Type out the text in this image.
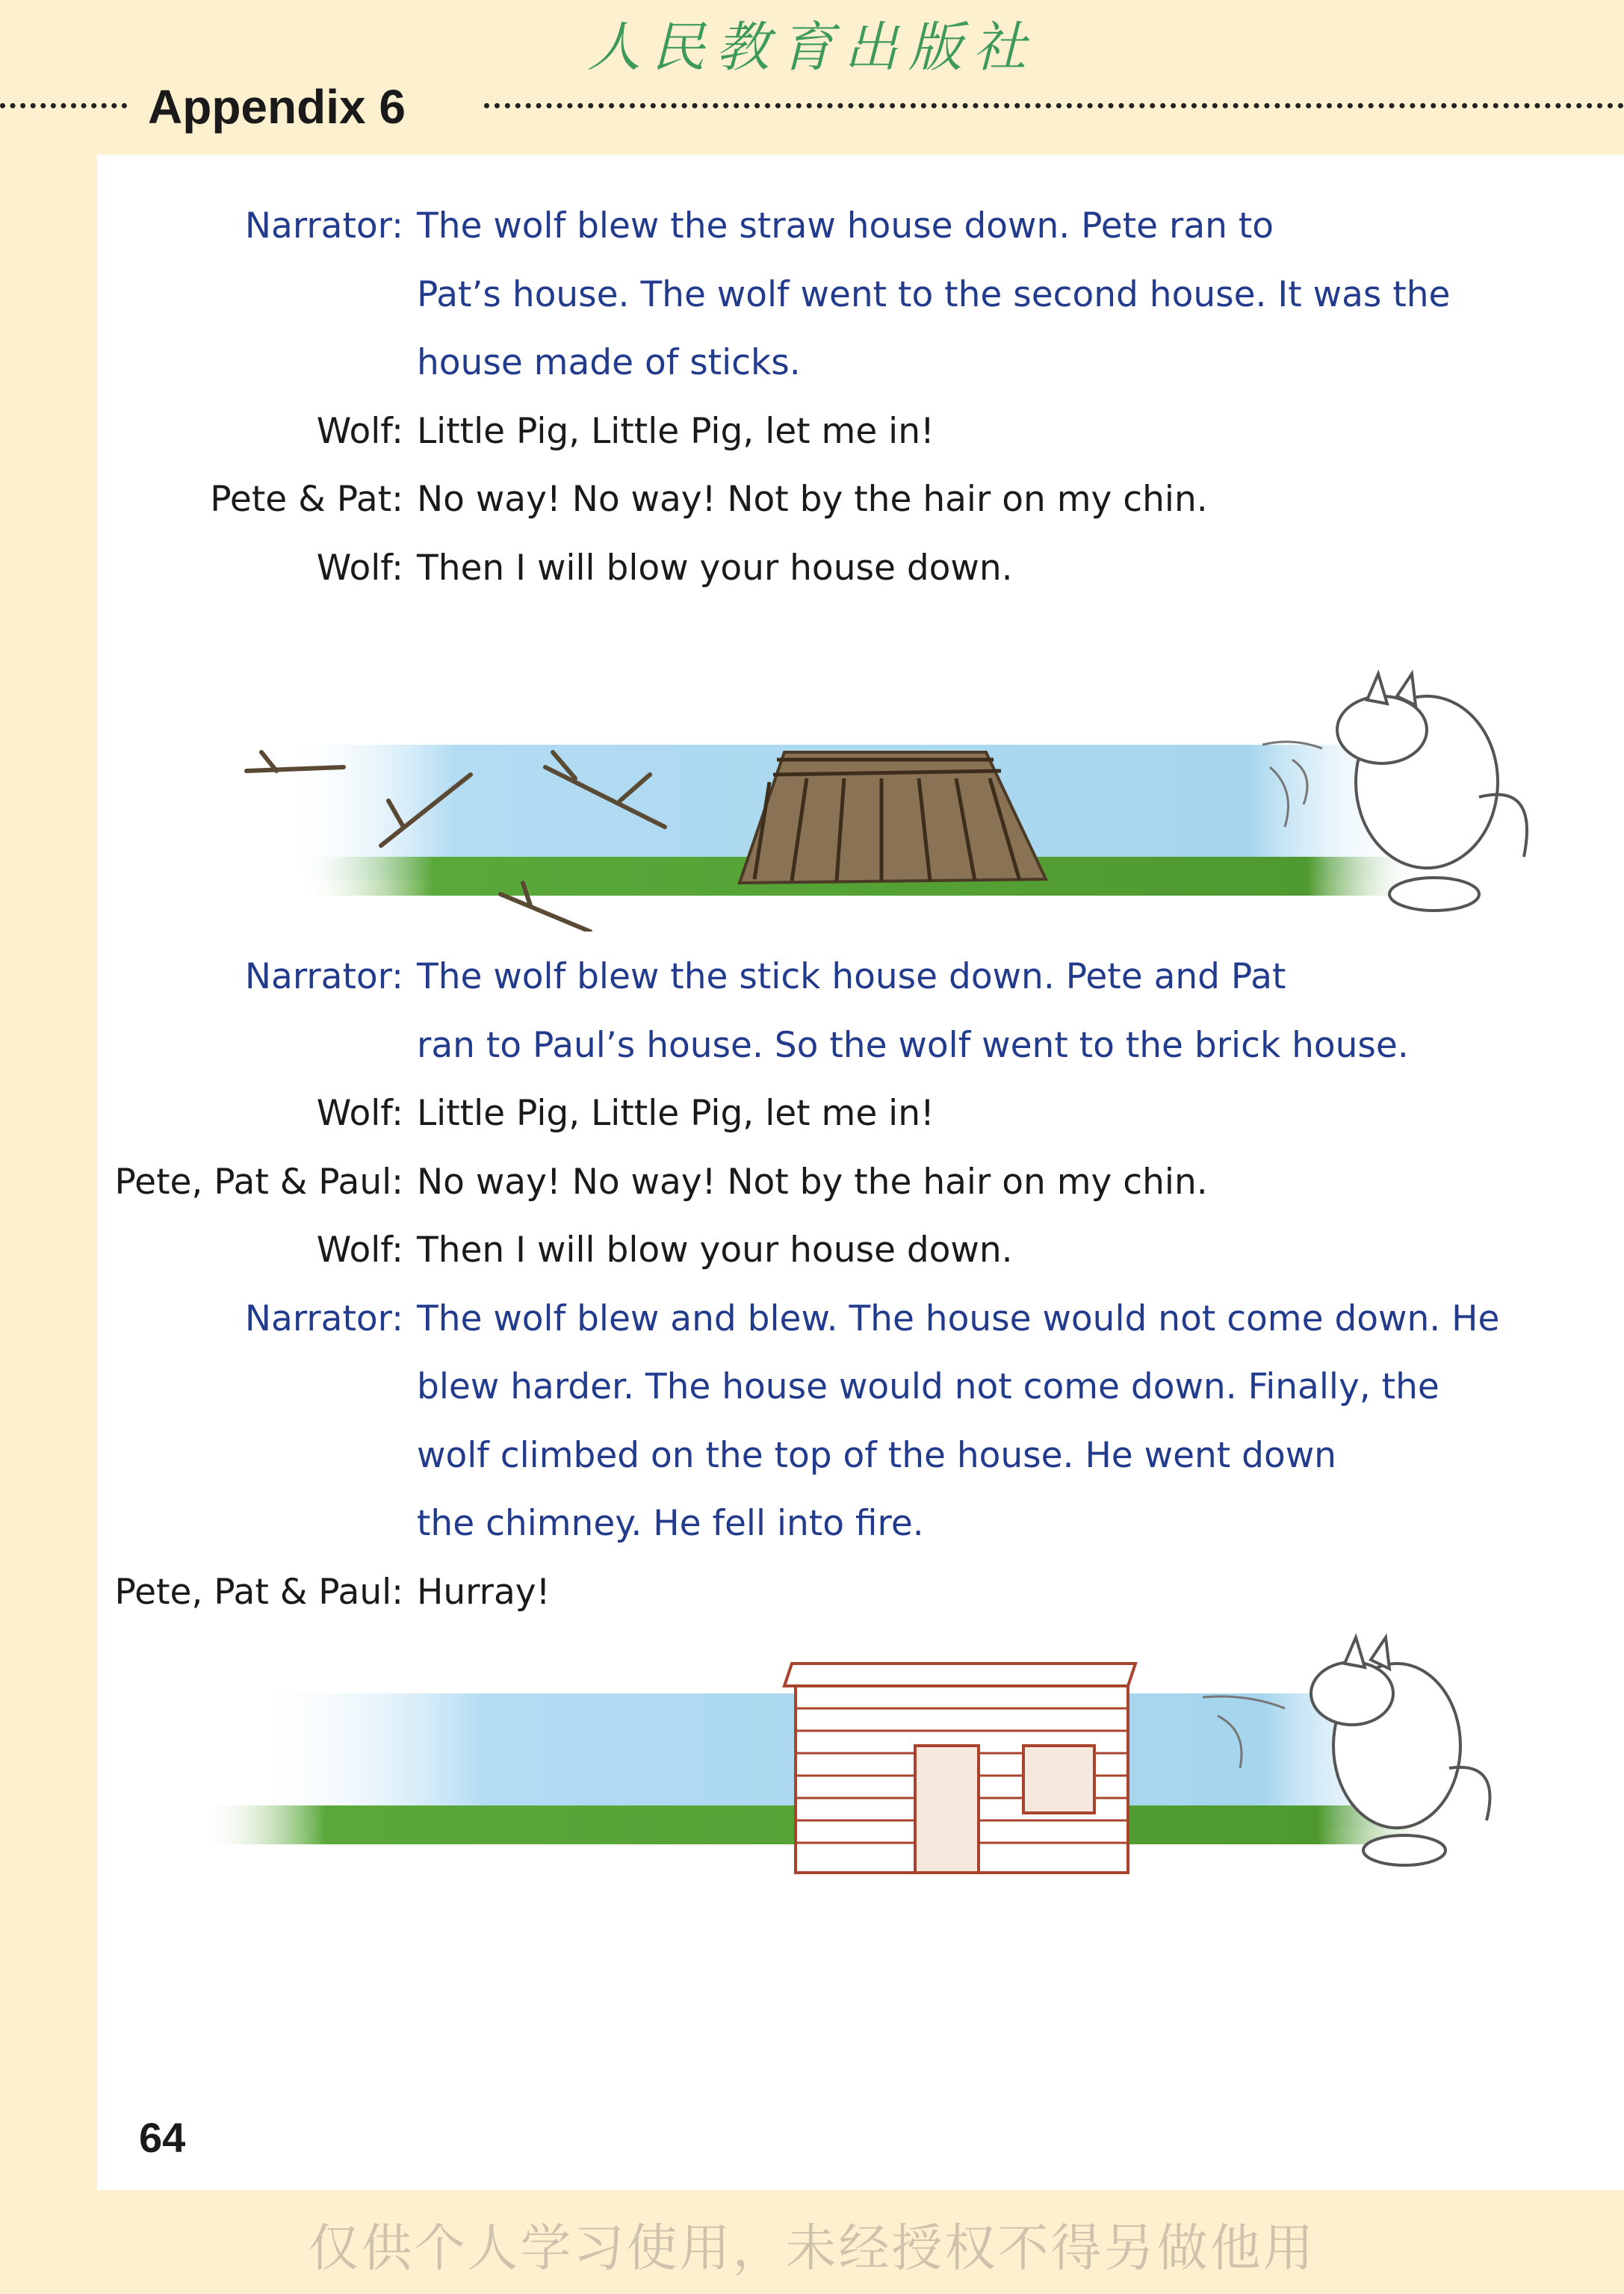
人民教育出版社
Appendix 6
Narrator: The wolf blew the straw house down. Pete ran to
Pat’s house. The wolf went to the second house. It was the
house made of sticks.
Wolf: Little Pig, Little Pig, let me in!
Pete & Pat: No way! No way! Not by the hair on my chin.
Wolf: Then I will blow your house down.
Narrator: The wolf blew the stick house down. Pete and Pat
ran to Paul’s house. So the wolf went to the brick house.
Wolf: Little Pig, Little Pig, let me in!
Pete, Pat & Paul: No way! No way! Not by the hair on my chin.
Wolf: Then I will blow your house down.
Narrator: The wolf blew and blew. The house would not come down. He
blew harder. The house would not come down. Finally, the
wolf climbed on the top of the house. He went down
the chimney. He fell into fire.
Pete, Pat & Paul: Hurray!
64
仅供个人学习使用，未经授权不得另做他用
